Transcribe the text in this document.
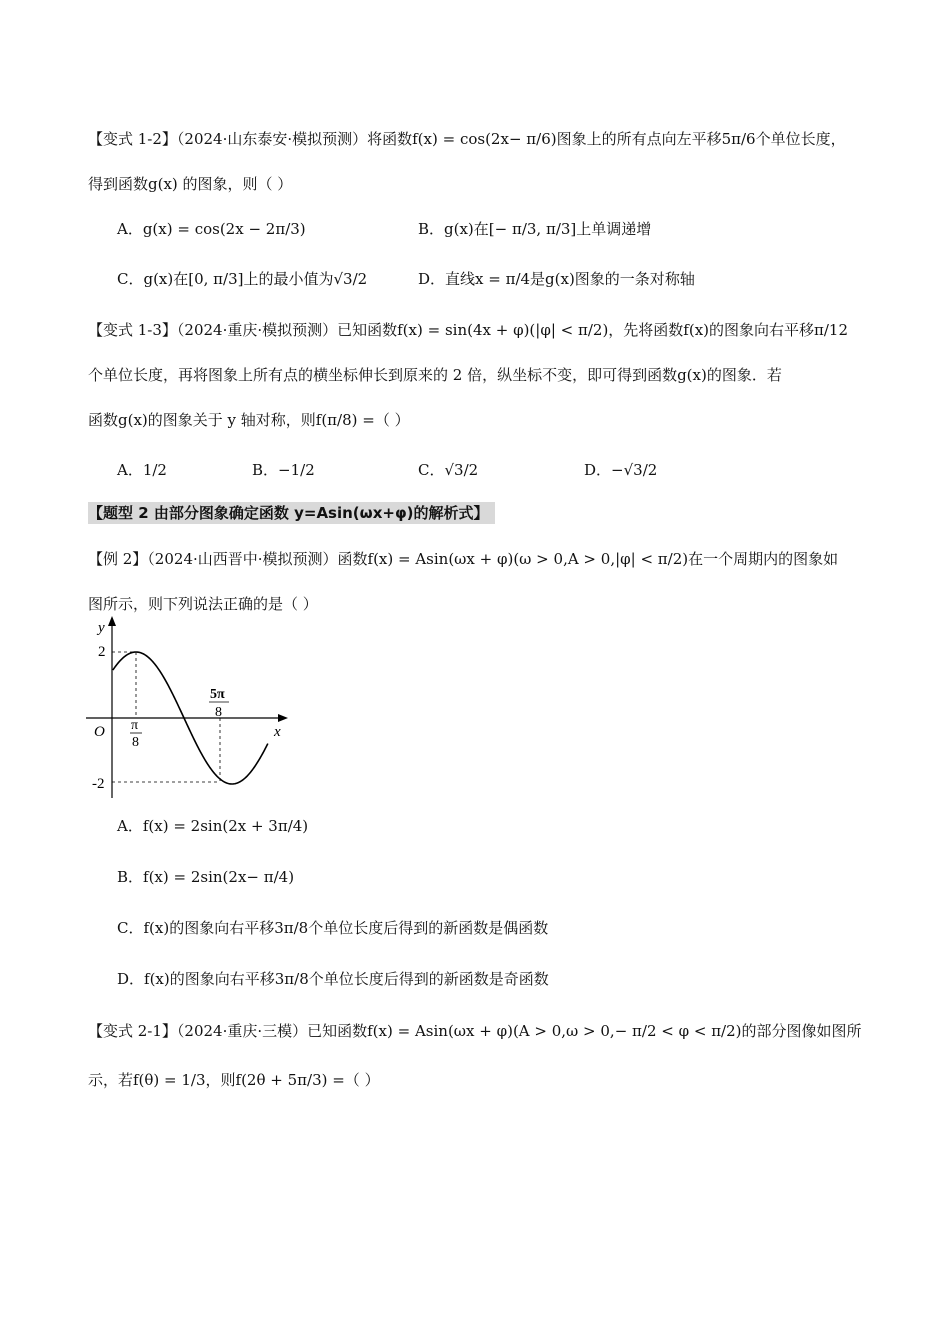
【变式 1-2】（2024·山东泰安·模拟预测）将函数f(x) = cos(2x− π/6)图象上的所有点向左平移5π/6个单位长度，
得到函数g(x) 的图象，则（ ）
A．g(x) = cos(2x − 2π/3)	B．g(x)在[− π/3, π/3]上单调递增
C．g(x)在[0, π/3]上的最小值为√3/2	D．直线x = π/4是g(x)图象的一条对称轴
【变式 1-3】（2024·重庆·模拟预测）已知函数f(x) = sin(4x + φ)(|φ| < π/2)，先将函数f(x)的图象向右平移π/12
个单位长度，再将图象上所有点的横坐标伸长到原来的 2 倍，纵坐标不变，即可得到函数g(x)的图象．若
函数g(x)的图象关于 y 轴对称，则f(π/8) =（ ）
A．1/2	B．−1/2	C．√3/2	D．−√3/2
【题型 2 由部分图象确定函数 y=Asin(ωx+φ)的解析式】
【例 2】（2024·山西晋中·模拟预测）函数f(x) = Asin(ωx + φ)(ω > 0,A > 0,|φ| < π/2)在一个周期内的图象如
图所示，则下列说法正确的是（ ）
y
x
O
2
-2
π
8
5π
8
A．f(x) = 2sin(2x + 3π/4)
B．f(x) = 2sin(2x− π/4)
C．f(x)的图象向右平移3π/8个单位长度后得到的新函数是偶函数
D．f(x)的图象向右平移3π/8个单位长度后得到的新函数是奇函数
【变式 2-1】（2024·重庆·三模）已知函数f(x) = Asin(ωx + φ)(A > 0,ω > 0,− π/2 < φ < π/2)的部分图像如图所
示，若f(θ) = 1/3，则f(2θ + 5π/3) =（ ）
